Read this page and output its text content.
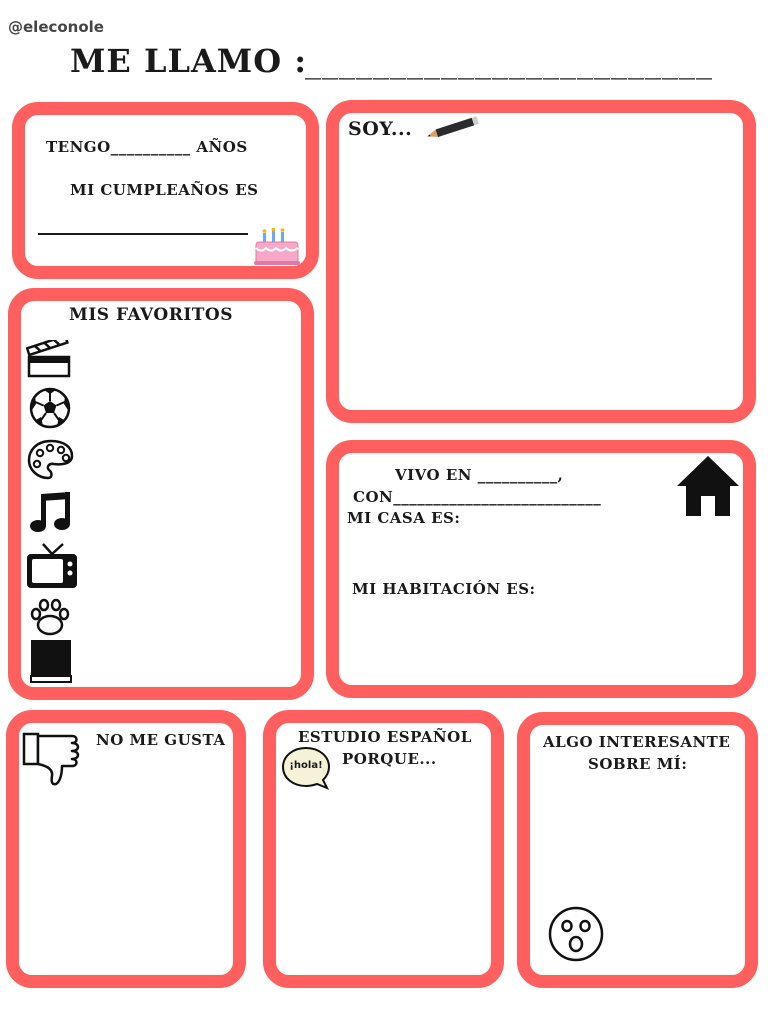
@eleconole
ME LLAMO :
________________________
TENGO__________ AÑOS
MI CUMPLEAÑOS ES
SOY...
MIS FAVORITOS
VIVO EN __________,
CON__________________________
MI CASA ES:
MI HABITACIÓN ES:
NO ME GUSTA	ESTUDIO ESPAÑOL
PORQUE...
¡hola!
ALGO INTERESANTE
SOBRE MÍ:
